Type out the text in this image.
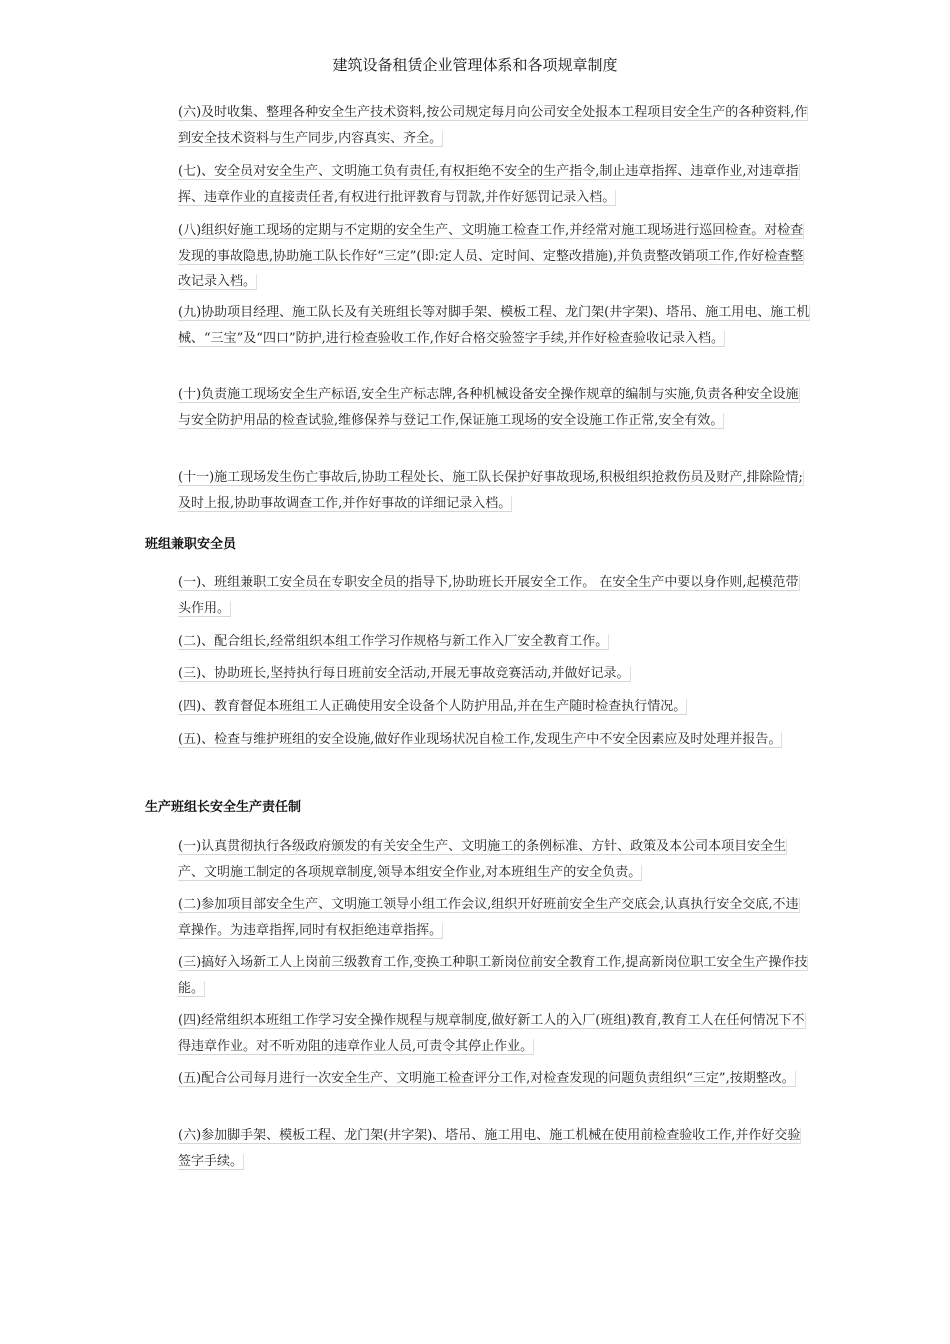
建筑设备租赁企业管理体系和各项规章制度
(六)及时收集、整理各种安全生产技术资料,按公司规定每月向公司安全处报本工程项目安全生产的各种资料,作到安全技术资料与生产同步,内容真实、齐全。
(七)、安全员对安全生产、文明施工负有责任,有权拒绝不安全的生产指令,制止违章指挥、违章作业,对违章指挥、违章作业的直接责任者,有权进行批评教育与罚款,并作好惩罚记录入档。
(八)组织好施工现场的定期与不定期的安全生产、文明施工检查工作,并经常对施工现场进行巡回检查。对检查发现的事故隐患,协助施工队长作好“三定”(即:定人员、定时间、定整改措施),并负责整改销项工作,作好检查整改记录入档。
(九)协助项目经理、施工队长及有关班组长等对脚手架、模板工程、龙门架(井字架)、塔吊、施工用电、施工机械、“三宝”及“四口”防护,进行检查验收工作,作好合格交验签字手续,并作好检查验收记录入档。
(十)负责施工现场安全生产标语,安全生产标志牌,各种机械设备安全操作规章的编制与实施,负责各种安全设施与安全防护用品的检查试验,维修保养与登记工作,保证施工现场的安全设施工作正常,安全有效。
(十一)施工现场发生伤亡事故后,协助工程处长、施工队长保护好事故现场,积极组织抢救伤员及财产,排除险情;及时上报,协助事故调查工作,并作好事故的详细记录入档。
班组兼职安全员
(一)、班组兼职工安全员在专职安全员的指导下,协助班长开展安全工作。 在安全生产中要以身作则,起模范带头作用。
(二)、配合组长,经常组织本组工作学习作规格与新工作入厂安全教育工作。
(三)、协助班长,坚持执行每日班前安全活动,开展无事故竞赛活动,并做好记录。
(四)、教育督促本班组工人正确使用安全设备个人防护用品,并在生产随时检查执行情况。
(五)、检查与维护班组的安全设施,做好作业现场状况自检工作,发现生产中不安全因素应及时处理并报告。
生产班组长安全生产责任制
(一)认真贯彻执行各级政府颁发的有关安全生产、文明施工的条例标准、方针、政策及本公司本项目安全生产、文明施工制定的各项规章制度,领导本组安全作业,对本班组生产的安全负责。
(二)参加项目部安全生产、文明施工领导小组工作会议,组织开好班前安全生产交底会,认真执行安全交底,不违章操作。为违章指挥,同时有权拒绝违章指挥。
(三)搞好入场新工人上岗前三级教育工作,变换工种职工新岗位前安全教育工作,提高新岗位职工安全生产操作技能。
(四)经常组织本班组工作学习安全操作规程与规章制度,做好新工人的入厂(班组)教育,教育工人在任何情况下不得违章作业。对不听劝阻的违章作业人员,可责令其停止作业。
(五)配合公司每月进行一次安全生产、文明施工检查评分工作,对检查发现的问题负责组织“三定”,按期整改。
(六)参加脚手架、模板工程、龙门架(井字架)、塔吊、施工用电、施工机械在使用前检查验收工作,并作好交验签字手续。
